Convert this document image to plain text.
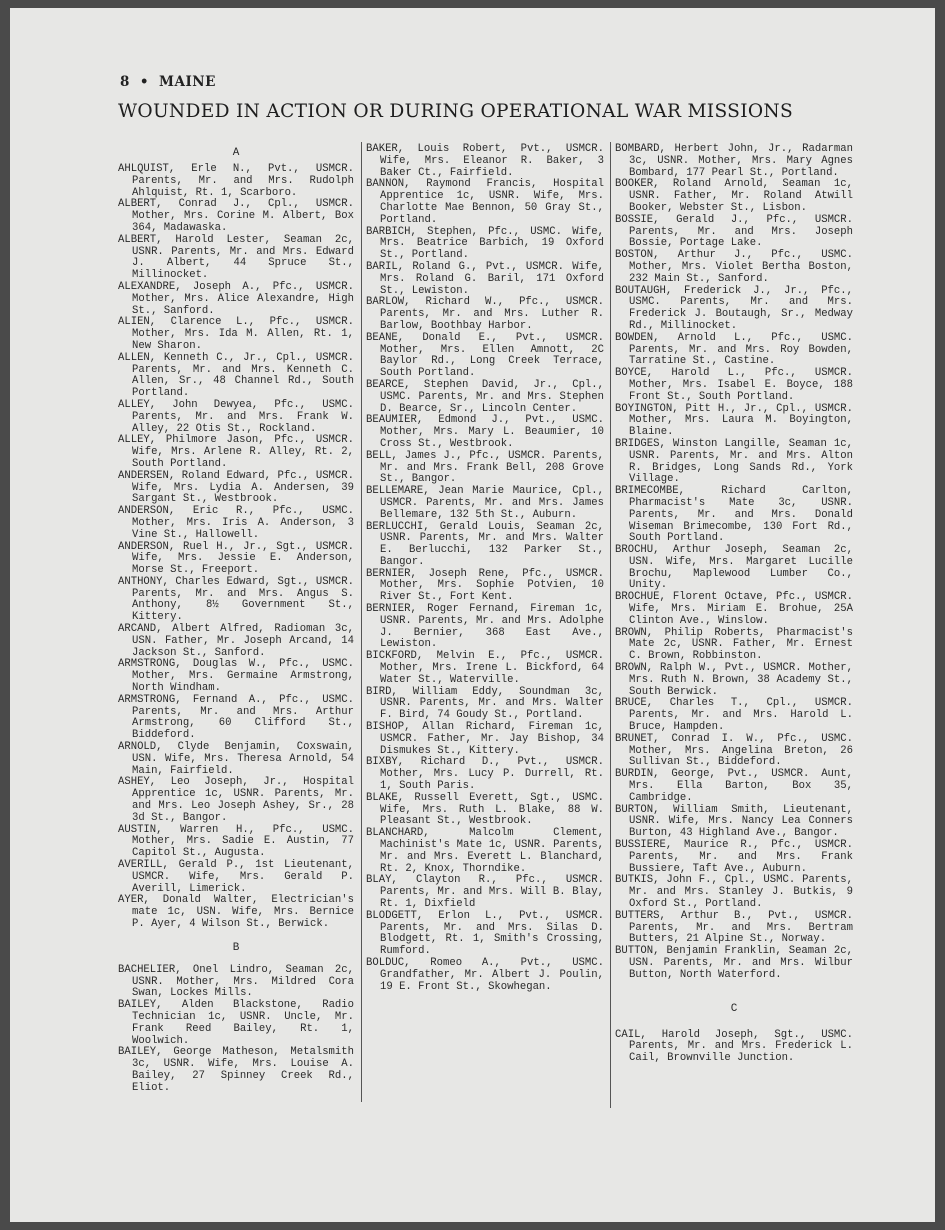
8 • MAINE
WOUNDED IN ACTION OR DURING OPERATIONAL WAR MISSIONS
A

AHLQUIST, Erle N., Pvt., USMCR. Parents, Mr. and Mrs. Rudolph Ahlquist, Rt. 1, Scarboro.

ALBERT, Conrad J., Cpl., USMCR. Mother, Mrs. Corine M. Albert, Box 364, Madawaska.

ALBERT, Harold Lester, Seaman 2c, USNR. Parents, Mr. and Mrs. Edward J. Albert, 44 Spruce St., Millinocket.

ALEXANDRE, Joseph A., Pfc., USMCR. Mother, Mrs. Alice Alexandre, High St., Sanford.

ALIEN, Clarence L., Pfc., USMCR. Mother, Mrs. Ida M. Allen, Rt. 1, New Sharon.

ALLEN, Kenneth C., Jr., Cpl., USMCR. Parents, Mr. and Mrs. Kenneth C. Allen, Sr., 48 Channel Rd., South Portland.

ALLEY, John Dewyea, Pfc., USMC. Parents, Mr. and Mrs. Frank W. Alley, 22 Otis St., Rockland.

ALLEY, Philmore Jason, Pfc., USMCR. Wife, Mrs. Arlene R. Alley, Rt. 2, South Portland.

ANDERSEN, Roland Edward, Pfc., USMCR. Wife, Mrs. Lydia A. Andersen, 39 Sargant St., Westbrook.

ANDERSON, Eric R., Pfc., USMC. Mother, Mrs. Iris A. Anderson, 3 Vine St., Hallowell.

ANDERSON, Ruel H., Jr., Sgt., USMCR. Wife, Mrs. Jessie E. Anderson, Morse St., Freeport.

ANTHONY, Charles Edward, Sgt., USMCR. Parents, Mr. and Mrs. Angus S. Anthony, 8½ Government St., Kittery.

ARCAND, Albert Alfred, Radioman 3c, USN. Father, Mr. Joseph Arcand, 14 Jackson St., Sanford.

ARMSTRONG, Douglas W., Pfc., USMC. Mother, Mrs. Germaine Armstrong, North Windham.

ARMSTRONG, Fernand A., Pfc., USMC. Parents, Mr. and Mrs. Arthur Armstrong, 60 Clifford St., Biddeford.

ARNOLD, Clyde Benjamin, Coxswain, USN. Wife, Mrs. Theresa Arnold, 54 Main, Fairfield.

ASHEY, Leo Joseph, Jr., Hospital Apprentice 1c, USNR. Parents, Mr. and Mrs. Leo Joseph Ashey, Sr., 28 3d St., Bangor.

AUSTIN, Warren H., Pfc., USMC. Mother, Mrs. Sadie E. Austin, 77 Capitol St., Augusta.

AVERILL, Gerald P., 1st Lieutenant, USMCR. Wife, Mrs. Gerald P. Averill, Limerick.

AYER, Donald Walter, Electrician's mate 1c, USN. Wife, Mrs. Bernice P. Ayer, 4 Wilson St., Berwick.

B

BACHELIER, Onel Lindro, Seaman 2c, USNR. Mother, Mrs. Mildred Cora Swan, Lockes Mills.

BAILEY, Alden Blackstone, Radio Technician 1c, USNR. Uncle, Mr. Frank Reed Bailey, Rt. 1, Woolwich.

BAILEY, George Matheson, Metalsmith 3c, USNR. Wife, Mrs. Louise A. Bailey, 27 Spinney Creek Rd., Eliot.

BAKER, Louis Robert, Pvt., USMCR. Wife, Mrs. Eleanor R. Baker, 3 Baker Ct., Fairfield.

BANNON, Raymond Francis, Hospital Apprentice 1c, USNR. Wife, Mrs. Charlotte Mae Bennon, 50 Gray St., Portland.

BARBICH, Stephen, Pfc., USMC. Wife, Mrs. Beatrice Barbich, 19 Oxford St., Portland.

BARIL, Roland G., Pvt., USMCR. Wife, Mrs. Roland G. Baril, 171 Oxford St., Lewiston.

BARLOW, Richard W., Pfc., USMCR. Parents, Mr. and Mrs. Luther R. Barlow, Boothbay Harbor.

BEANE, Donald E., Pvt., USMCR. Mother, Mrs. Ellen Amnott, 2C Baylor Rd., Long Creek Terrace, South Portland.

BEARCE, Stephen David, Jr., Cpl., USMC. Parents, Mr. and Mrs. Stephen D. Bearce, Sr., Lincoln Center.

BEAUMIER, Edmond J., Pvt., USMC. Mother, Mrs. Mary L. Beaumier, 10 Cross St., Westbrook.

BELL, James J., Pfc., USMCR. Parents, Mr. and Mrs. Frank Bell, 208 Grove St., Bangor.

BELLEMARE, Jean Marie Maurice, Cpl., USMCR. Parents, Mr. and Mrs. James Bellemare, 132 5th St., Auburn.

BERLUCCHI, Gerald Louis, Seaman 2c, USNR. Parents, Mr. and Mrs. Walter E. Berlucchi, 132 Parker St., Bangor.

BERNIER, Joseph Rene, Pfc., USMCR. Mother, Mrs. Sophie Potvien, 10 River St., Fort Kent.

BERNIER, Roger Fernand, Fireman 1c, USNR. Parents, Mr. and Mrs. Adolphe J. Bernier, 368 East Ave., Lewiston.

BICKFORD, Melvin E., Pfc., USMCR. Mother, Mrs. Irene L. Bickford, 64 Water St., Waterville.

BIRD, William Eddy, Soundman 3c, USNR. Parents, Mr. and Mrs. Walter F. Bird, 74 Goudy St., Portland.

BISHOP, Allan Richard, Fireman 1c, USMCR. Father, Mr. Jay Bishop, 34 Dismukes St., Kittery.

BIXBY, Richard D., Pvt., USMCR. Mother, Mrs. Lucy P. Durrell, Rt. 1, South Paris.

BLAKE, Russell Everett, Sgt., USMC. Wife, Mrs. Ruth L. Blake, 88 W. Pleasant St., Westbrook.

BLANCHARD, Malcolm Clement, Machinist's Mate 1c, USNR. Parents, Mr. and Mrs. Everett L. Blanchard, Rt. 2, Knox, Thorndike.

BLAY, Clayton R., Pfc., USMCR. Parents, Mr. and Mrs. Will B. Blay, Rt. 1, Dixfield

BLODGETT, Erlon L., Pvt., USMCR. Parents, Mr. and Mrs. Silas D. Blodgett, Rt. 1, Smith's Crossing, Rumford.

BOLDUC, Romeo A., Pvt., USMC. Grandfather, Mr. Albert J. Poulin, 19 E. Front St., Skowhegan.

BOMBARD, Herbert John, Jr., Radarman 3c, USNR. Mother, Mrs. Mary Agnes Bombard, 177 Pearl St., Portland.

BOOKER, Roland Arnold, Seaman 1c, USNR. Father, Mr. Roland Atwill Booker, Webster St., Lisbon.

BOSSIE, Gerald J., Pfc., USMCR. Parents, Mr. and Mrs. Joseph Bossie, Portage Lake.

BOSTON, Arthur J., Pfc., USMC. Mother, Mrs. Violet Bertha Boston, 232 Main St., Sanford.

BOUTAUGH, Frederick J., Jr., Pfc., USMC. Parents, Mr. and Mrs. Frederick J. Boutaugh, Sr., Medway Rd., Millinocket.

BOWDEN, Arnold L., Pfc., USMC. Parents, Mr. and Mrs. Roy Bowden, Tarratine St., Castine.

BOYCE, Harold L., Pfc., USMCR. Mother, Mrs. Isabel E. Boyce, 188 Front St., South Portland.

BOYINGTON, Pitt H., Jr., Cpl., USMCR. Mother, Mrs. Laura M. Boyington, Blaine.

BRIDGES, Winston Langille, Seaman 1c, USNR. Parents, Mr. and Mrs. Alton R. Bridges, Long Sands Rd., York Village.

BRIMECOMBE, Richard Carlton, Pharmacist's Mate 3c, USNR. Parents, Mr. and Mrs. Donald Wiseman Brimecombe, 130 Fort Rd., South Portland.

BROCHU, Arthur Joseph, Seaman 2c, USN. Wife, Mrs. Margaret Lucille Brochu, Maplewood Lumber Co., Unity.

BROCHUE, Florent Octave, Pfc., USMCR. Wife, Mrs. Miriam E. Brohue, 25A Clinton Ave., Winslow.

BROWN, Philip Roberts, Pharmacist's Mate 2c, USNR. Father, Mr. Ernest C. Brown, Robbinston.

BROWN, Ralph W., Pvt., USMCR. Mother, Mrs. Ruth N. Brown, 38 Academy St., South Berwick.

BRUCE, Charles T., Cpl., USMCR. Parents, Mr. and Mrs. Harold L. Bruce, Hampden.

BRUNET, Conrad I. W., Pfc., USMC. Mother, Mrs. Angelina Breton, 26 Sullivan St., Biddeford.

BURDIN, George, Pvt., USMCR. Aunt, Mrs. Ella Barton, Box 35, Cambridge.

BURTON, William Smith, Lieutenant, USNR. Wife, Mrs. Nancy Lea Conners Burton, 43 Highland Ave., Bangor.

BUSSIERE, Maurice R., Pfc., USMCR. Parents, Mr. and Mrs. Frank Bussiere, Taft Ave., Auburn.

BUTKIS, John F., Cpl., USMC. Parents, Mr. and Mrs. Stanley J. Butkis, 9 Oxford St., Portland.

BUTTERS, Arthur B., Pvt., USMCR. Parents, Mr. and Mrs. Bertram Butters, 21 Alpine St., Norway.

BUTTON, Benjamin Franklin, Seaman 2c, USN. Parents, Mr. and Mrs. Wilbur Button, North Waterford.

C

CAIL, Harold Joseph, Sgt., USMC. Parents, Mr. and Mrs. Frederick L. Cail, Brownville Junction.
